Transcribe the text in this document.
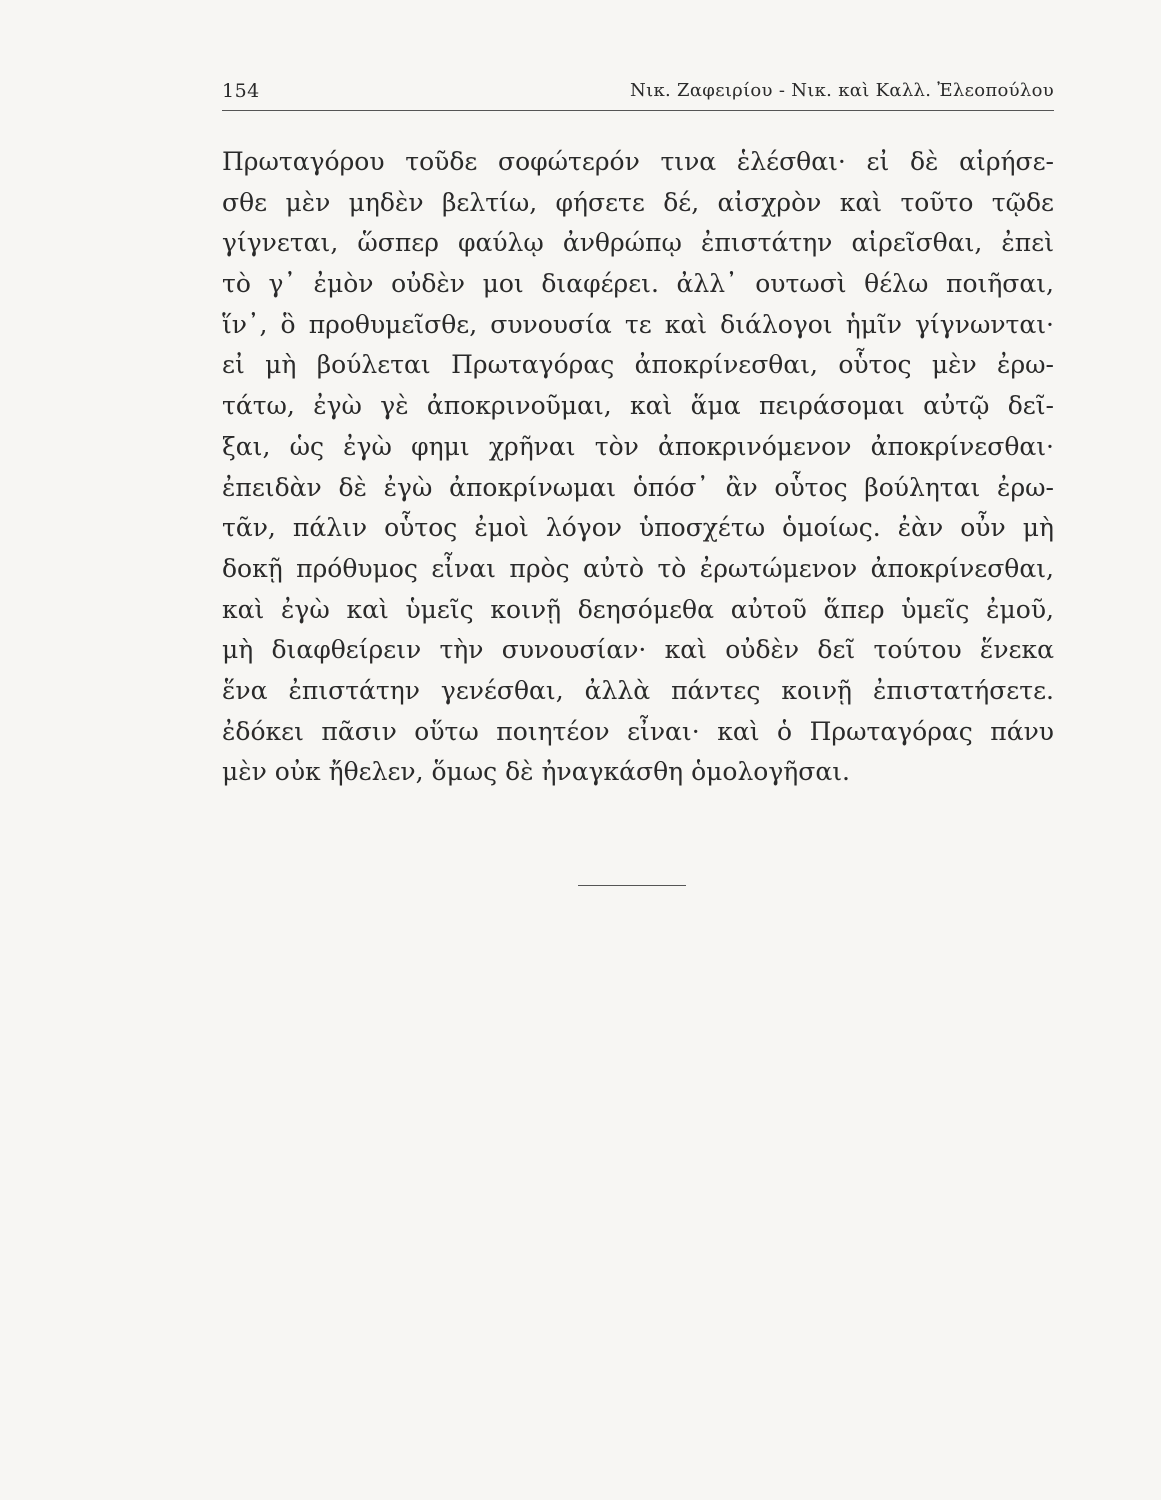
154	Νικ. Ζαφειρίου - Νικ. καὶ Καλλ. Ἐλεοπούλου
Πρωταγόρου τοῦδε σοφώτερόν τινα ἑλέσθαι· εἰ δὲ αἱρήσε-
σθε μὲν μηδὲν βελτίω, φήσετε δέ, αἰσχρὸν καὶ τοῦτο τῷδε
γίγνεται, ὥσπερ φαύλῳ ἀνθρώπῳ ἐπιστάτην αἱρεῖσθαι, ἐπεὶ
τὸ γ᾽ ἐμὸν οὐδὲν μοι διαφέρει. ἀλλ᾽ ουτωσὶ θέλω ποιῆσαι,
ἵν᾽, ὃ προθυμεῖσθε, συνουσία τε καὶ διάλογοι ἡμῖν γίγνωνται·
εἰ μὴ βούλεται Πρωταγόρας ἀποκρίνεσθαι, οὗτος μὲν ἐρω-
τάτω, ἐγὼ γὲ ἀποκρινοῦμαι, καὶ ἅμα πειράσομαι αὐτῷ δεῖ-
ξαι, ὡς ἐγὼ φημι χρῆναι τὸν ἀποκρινόμενον ἀποκρίνεσθαι·
ἐπειδὰν δὲ ἐγὼ ἀποκρίνωμαι ὁπόσ᾽ ἂν οὗτος βούληται ἐρω-
τᾶν, πάλιν οὗτος ἐμοὶ λόγον ὑποσχέτω ὁμοίως. ἐὰν οὖν μὴ
δοκῇ πρόθυμος εἶναι πρὸς αὐτὸ τὸ ἐρωτώμενον ἀποκρίνεσθαι,
καὶ ἐγὼ καὶ ὑμεῖς κοινῇ δεησόμεθα αὐτοῦ ἅπερ ὑμεῖς ἐμοῦ,
μὴ διαφθείρειν τὴν συνουσίαν· καὶ οὐδὲν δεῖ τούτου ἕνεκα
ἕνα ἐπιστάτην γενέσθαι, ἀλλὰ πάντες κοινῇ ἐπιστατήσετε.
ἐδόκει πᾶσιν οὕτω ποιητέον εἶναι· καὶ ὁ Πρωταγόρας πάνυ
μὲν οὐκ ἤθελεν, ὅμως δὲ ἠναγκάσθη ὁμολογῆσαι.
